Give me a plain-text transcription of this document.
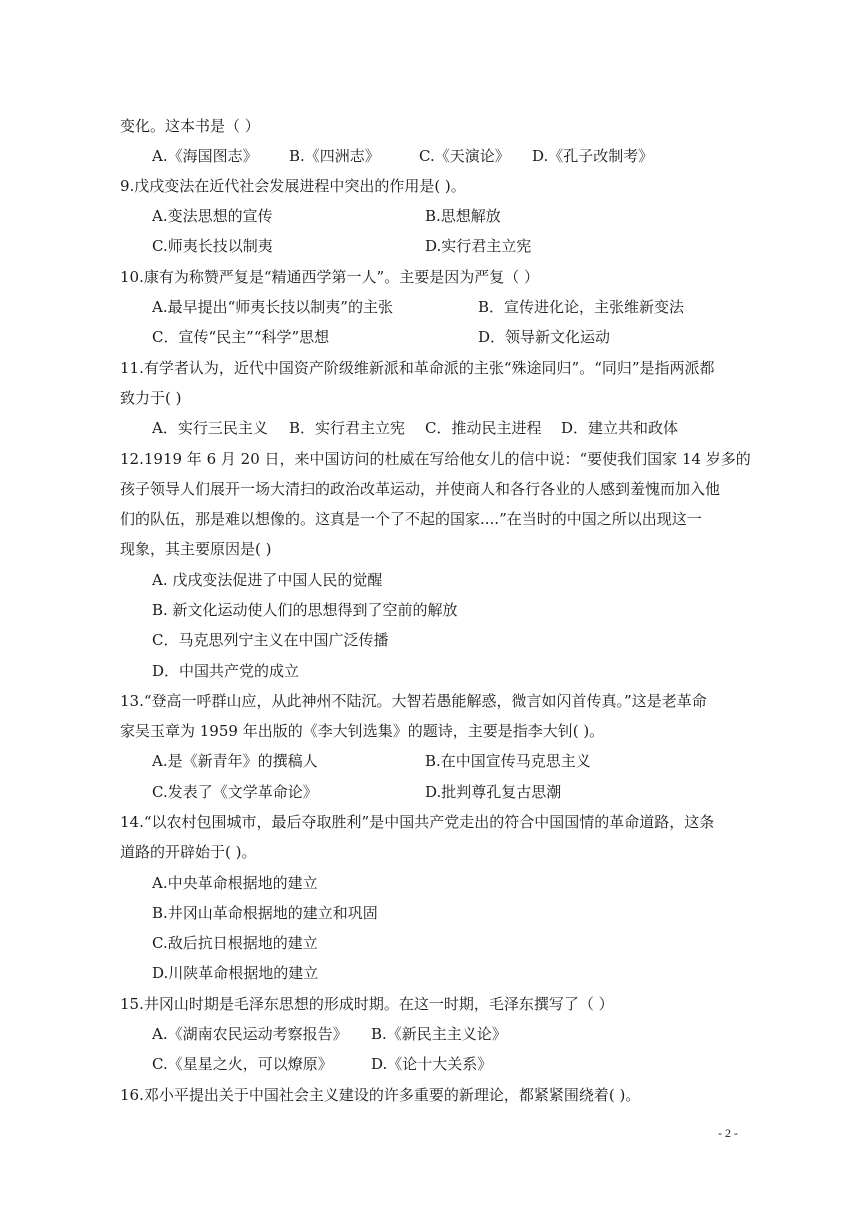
变化。这本书是（ ）
A.《海国图志》 B.《四洲志》	C.《天演论》 D.《孔子改制考》
9.戊戌变法在近代社会发展进程中突出的作用是( )。
A.变法思想的宣传	B.思想解放
C.师夷长技以制夷	D.实行君主立宪
10.康有为称赞严复是“精通西学第一人”。主要是因为严复（ ）
A.最早提出“师夷长技以制夷”的主张	B．宣传进化论，主张维新变法
C．宣传“民主”“科学”思想	D．领导新文化运动
11.有学者认为，近代中国资产阶级维新派和革命派的主张“殊途同归”。“同归”是指两派都
致力于( )
A．实行三民主义 B．实行君主立宪 C．推动民主进程 D．建立共和政体
12.1919 年 6 月 20 日，来中国访问的杜威在写给他女儿的信中说：“要使我们国家 14 岁多的
孩子领导人们展开一场大清扫的政治改革运动，并使商人和各行各业的人感到羞愧而加入他
们的队伍，那是难以想像的。这真是一个了不起的国家....”在当时的中国之所以出现这一
现象，其主要原因是( )
A. 戊戌变法促进了中国人民的觉醒
B. 新文化运动使人们的思想得到了空前的解放
C．马克思列宁主义在中国广泛传播
D．中国共产党的成立
13.“登高一呼群山应，从此神州不陆沉。大智若愚能解惑，微言如闪首传真。”这是老革命
家吴玉章为 1959 年出版的《李大钊选集》的题诗，主要是指李大钊( )。
A.是《新青年》的撰稿人	B.在中国宣传马克思主义
C.发表了《文学革命论》	D.批判尊孔复古思潮
14.“以农村包围城市，最后夺取胜利”是中国共产党走出的符合中国国情的革命道路，这条
道路的开辟始于( )。
A.中央革命根据地的建立
B.井冈山革命根据地的建立和巩固
C.敌后抗日根据地的建立
D.川陕革命根据地的建立
15.井冈山时期是毛泽东思想的形成时期。在这一时期，毛泽东撰写了（ ）
A.《湖南农民运动考察报告》 B.《新民主主义论》
C.《星星之火，可以燎原》	D.《论十大关系》
16.邓小平提出关于中国社会主义建设的许多重要的新理论，都紧紧围绕着( )。
- 2 -
